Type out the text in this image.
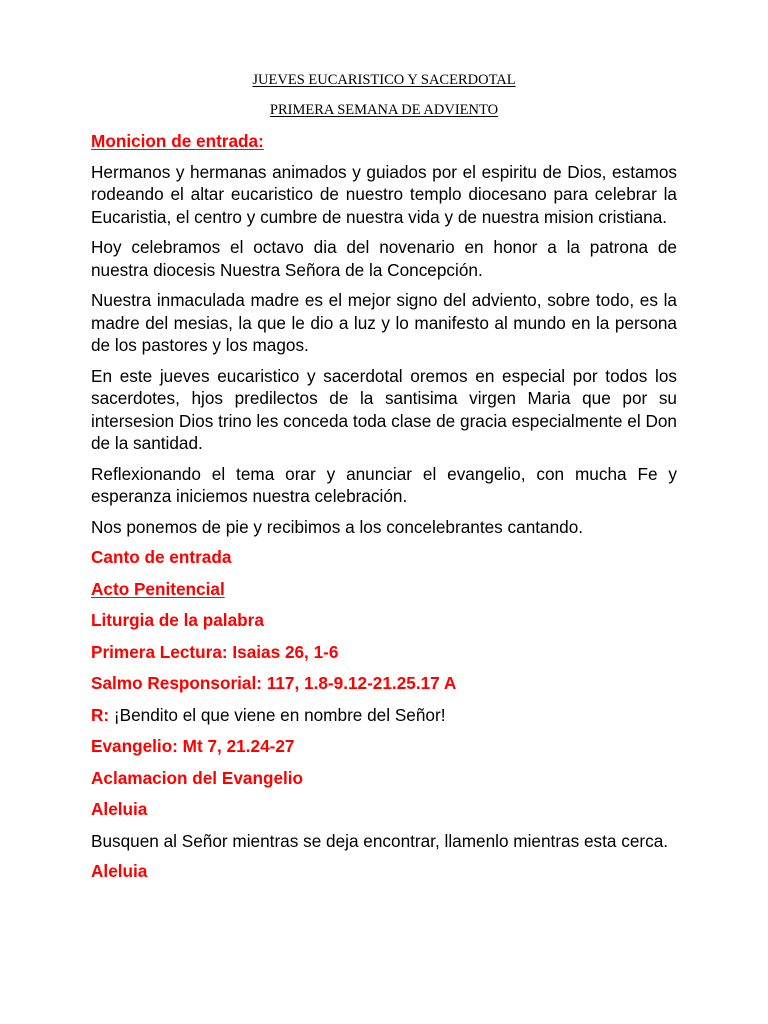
JUEVES EUCARISTICO Y SACERDOTAL
PRIMERA SEMANA DE ADVIENTO
Monicion de entrada:

Hermanos y hermanas animados y guiados por el espiritu de Dios, estamos rodeando el altar eucaristico de nuestro templo diocesano para celebrar la Eucaristia, el centro y cumbre de nuestra vida y de nuestra mision cristiana.

Hoy celebramos el octavo dia del novenario en honor a la patrona de nuestra diocesis Nuestra Señora de la Concepción.

Nuestra inmaculada madre es el mejor signo del adviento, sobre todo, es la madre del mesias, la que le dio a luz y lo manifesto al mundo en la persona de los pastores y los magos.

En este jueves eucaristico y sacerdotal oremos en especial por todos los sacerdotes, hjos predilectos de la santisima virgen Maria que por su intersesion Dios trino les conceda toda clase de gracia especialmente el Don de la santidad.

Reflexionando el tema orar y anunciar el evangelio, con mucha Fe y esperanza iniciemos nuestra celebración.

Nos ponemos de pie y recibimos a los concelebrantes cantando.

Canto de entrada
Acto Penitencial
Liturgia de la palabra
Primera Lectura: Isaias 26, 1-6
Salmo Responsorial: 117, 1.8-9.12-21.25.17 A
R: ¡Bendito el que viene en nombre del Señor!
Evangelio: Mt 7, 21.24-27
Aclamacion del Evangelio
Aleluia

Busquen al Señor mientras se deja encontrar, llamenlo mientras esta cerca.

Aleluia
